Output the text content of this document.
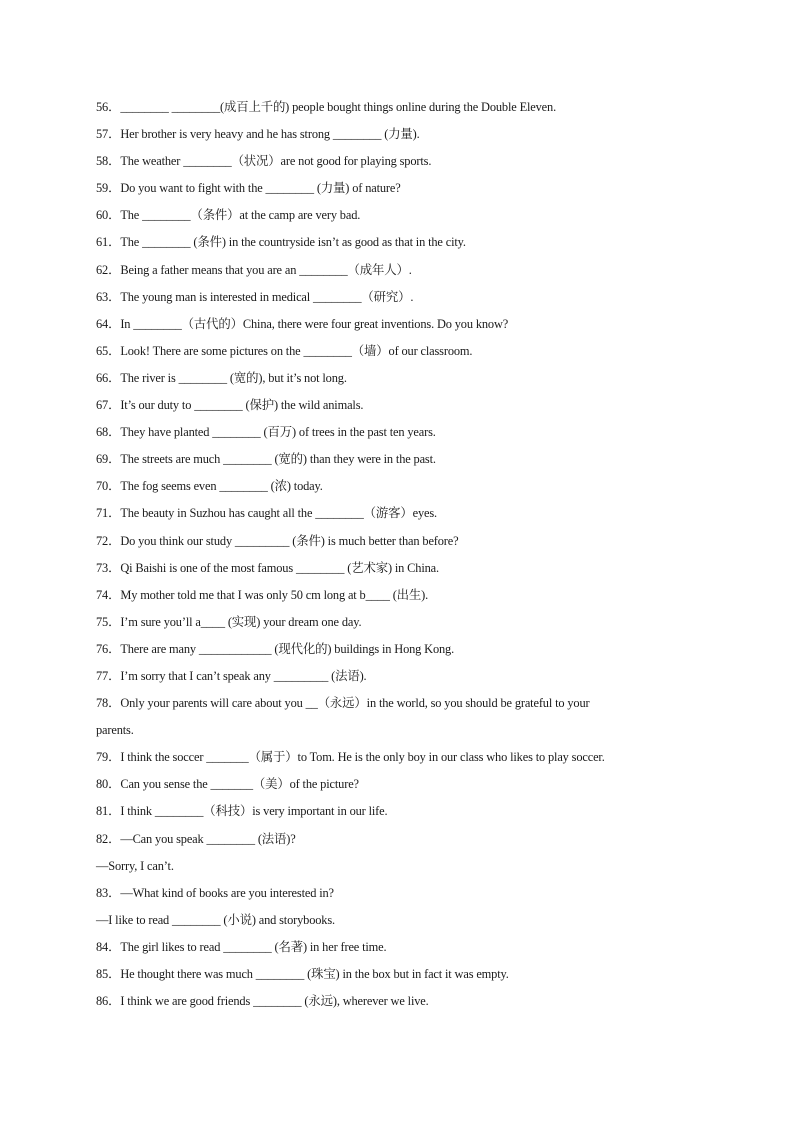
56．________ ________(成百上千的) people bought things online during the Double Eleven.
57．Her brother is very heavy and he has strong ________ (力量).
58．The weather ________（状况）are not good for playing sports.
59．Do you want to fight with the ________ (力量) of nature?
60．The ________（条件）at the camp are very bad.
61．The ________ (条件) in the countryside isn’t as good as that in the city.
62．Being a father means that you are an ________（成年人）.
63．The young man is interested in medical ________（研究）.
64．In ________（古代的）China, there were four great inventions. Do you know?
65．Look! There are some pictures on the ________（墙）of our classroom.
66．The river is ________ (宽的), but it’s not long.
67．It’s our duty to ________ (保护) the wild animals.
68．They have planted ________ (百万) of trees in the past ten years.
69．The streets are much ________ (宽的) than they were in the past.
70．The fog seems even ________ (浓) today.
71．The beauty in Suzhou has caught all the ________（游客）eyes.
72．Do you think our study _________ (条件) is much better than before?
73．Qi Baishi is one of the most famous ________ (艺术家) in China.
74．My mother told me that I was only 50 cm long at b____ (出生).
75．I’m sure you’ll a____ (实现) your dream one day.
76．There are many ____________ (现代化的) buildings in Hong Kong.
77．I’m sorry that I can’t speak any _________ (法语).
78．Only your parents will care about you __（永远）in the world, so you should be grateful to your
parents.
79．I think the soccer _______（属于）to Tom. He is the only boy in our class who likes to play soccer.
80．Can you sense the _______（美）of the picture?
81．I think ________（科技）is very important in our life.
82．—Can you speak ________ (法语)?
—Sorry, I can’t.
83．—What kind of books are you interested in?
—I like to read ________ (小说) and storybooks.
84．The girl likes to read ________ (名著) in her free time.
85．He thought there was much ________ (珠宝) in the box but in fact it was empty.
86．I think we are good friends ________ (永远), wherever we live.
